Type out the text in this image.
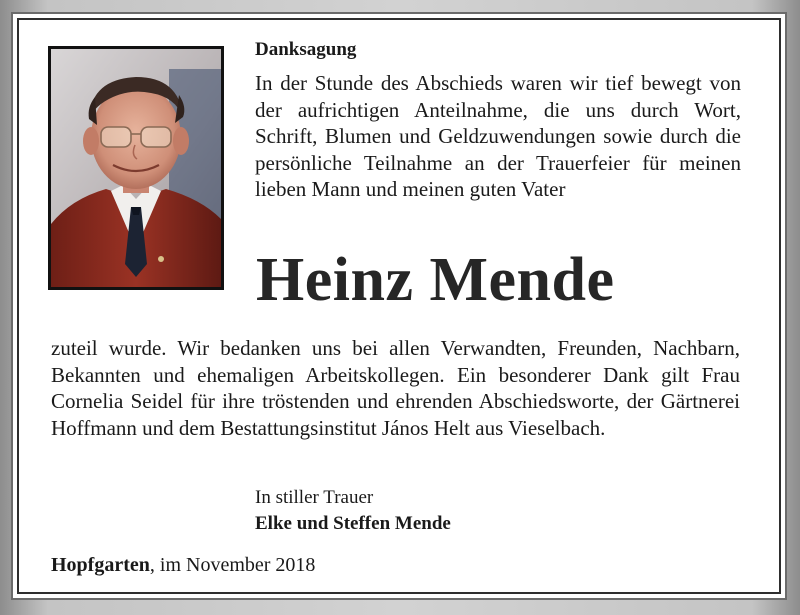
Danksagung

In der Stunde des Abschieds waren wir tief bewegt von der aufrichtigen Anteilnahme, die uns durch Wort, Schrift, Blumen und Geldzuwendungen sowie durch die persönliche Teilnahme an der Trauerfeier für meinen lieben Mann und meinen guten Vater

Heinz Mende

zuteil wurde. Wir bedanken uns bei allen Verwandten, Freunden, Nachbarn, Bekannten und ehemaligen Arbeitskollegen. Ein besonderer Dank gilt Frau Cornelia Seidel für ihre tröstenden und ehrenden Abschiedsworte, der Gärtnerei Hoffmann und dem Bestattungsinstitut János Helt aus Vieselbach.

In stiller Trauer
Elke und Steffen Mende

Hopfgarten, im November 2018
